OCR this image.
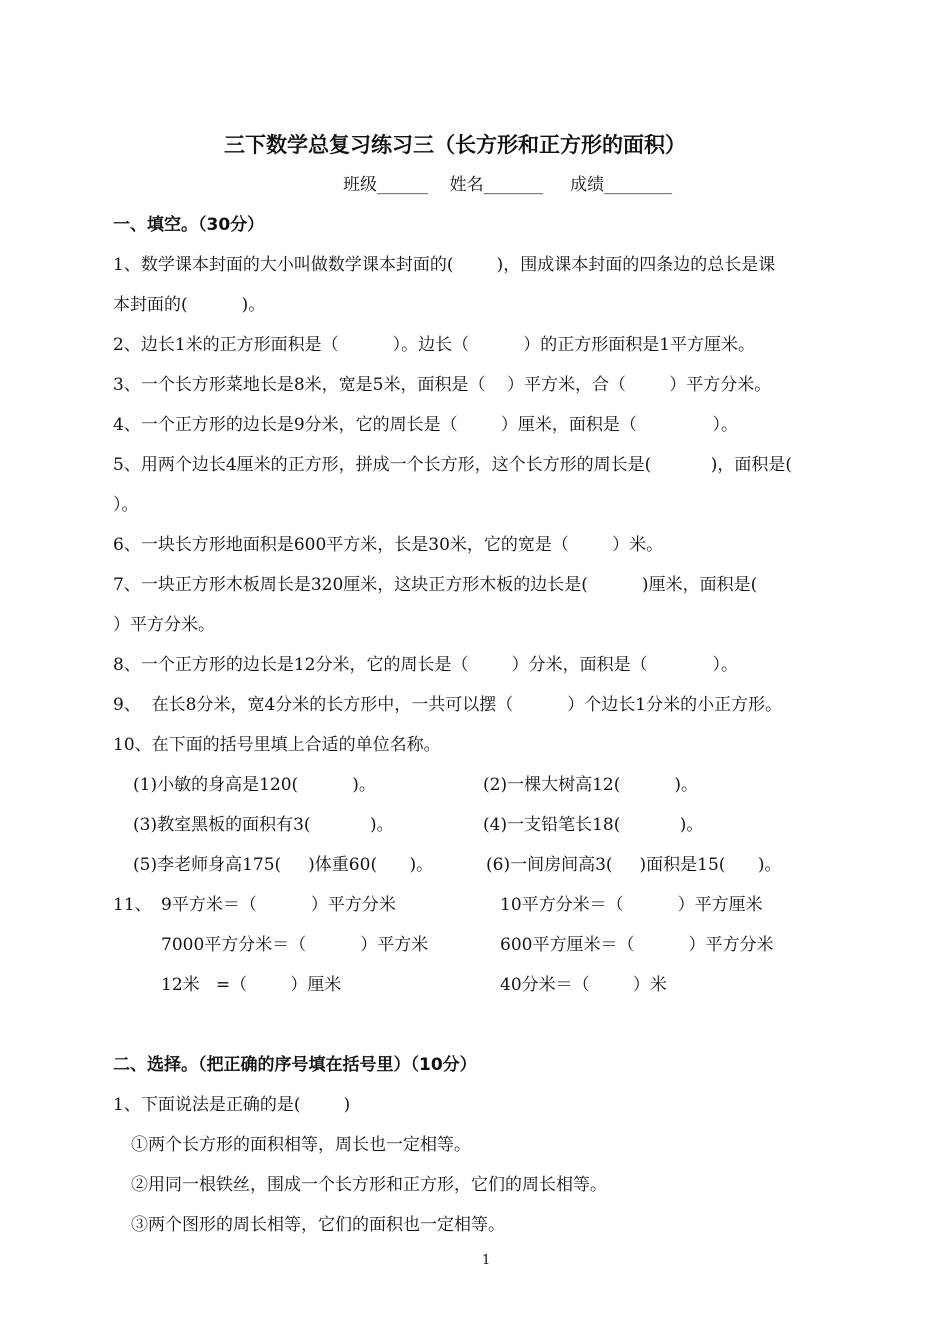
三下数学总复习练习三（长方形和正方形的面积）
班级______    姓名_______     成绩________
一、填空。（30分）
1、数学课本封面的大小叫做数学课本封面的(        )，围成课本封面的四条边的总长是课
本封面的(          )。
2、边长1米的正方形面积是（          ）。边长（          ）的正方形面积是1平方厘米。
3、一个长方形菜地长是8米，宽是5米，面积是（    ）平方米，合（        ）平方分米。
4、一个正方形的边长是9分米，它的周长是（        ）厘米，面积是（              ）。
5、用两个边长4厘米的正方形，拼成一个长方形，这个长方形的周长是(           )，面积是(
）。
6、一块长方形地面积是600平方米，长是30米，它的宽是（        ）米。
7、一块正方形木板周长是320厘米，这块正方形木板的边长是(          )厘米，面积是(
）平方分米。
8、一个正方形的边长是12分米，它的周长是（        ）分米，面积是（            ）。
9、  在长8分米，宽4分米的长方形中，一共可以摆（          ）个边长1分米的小正方形。
10、在下面的括号里填上合适的单位名称。
(1)小敏的身高是120(          )。	(2)一棵大树高12(          )。
(3)教室黑板的面积有3(           )。	(4)一支铅笔长18(           )。
(5)李老师身高175(     )体重60(      )。	(6)一间房间高3(     )面积是15(      )。
11、 9平方米＝（          ）平方分米	10平方分米＝（          ）平方厘米
7000平方分米＝（          ）平方米	600平方厘米＝（          ）平方分米
12米   =（        ）厘米	40分米＝（        ）米
二、选择。（把正确的序号填在括号里）（10分）
1、下面说法是正确的是(        )
①两个长方形的面积相等，周长也一定相等。
②用同一根铁丝，围成一个长方形和正方形，它们的周长相等。
③两个图形的周长相等，它们的面积也一定相等。
1
